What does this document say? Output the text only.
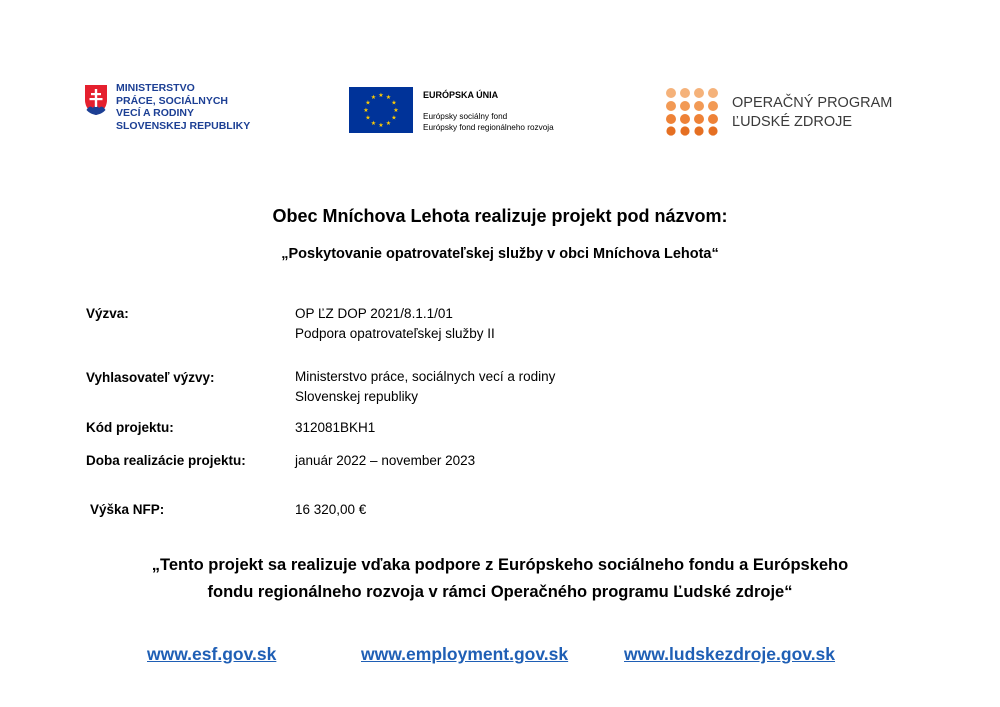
MINISTERSTVO
PRÁCE, SOCIÁLNYCH
VECÍ A RODINY
SLOVENSKEJ REPUBLIKY
★ ★
★
★
★
★
★
★
★
★
★
★	EURÓPSKA ÚNIA
Európsky sociálny fond
Európsky fond regionálneho rozvoja
OPERAČNÝ PROGRAM
ĽUDSKÉ ZDROJE
Obec Mníchova Lehota realizuje projekt pod názvom:
„Poskytovanie opatrovateľskej služby v obci Mníchova Lehota“
Výzva:	OP ĽZ DOP 2021/8.1.1/01
Podpora opatrovateľskej služby II
Vyhlasovateľ výzvy:	Ministerstvo práce, sociálnych vecí a rodiny
Slovenskej republiky
Kód projektu:	312081BKH1
Doba realizácie projektu:	január 2022 – november 2023
Výška NFP:	16 320,00 €
„Tento projekt sa realizuje vďaka podpore z Európskeho sociálneho fondu a Európskeho
fondu regionálneho rozvoja v rámci Operačného programu Ľudské zdroje“
www.esf.gov.sk	www.employment.gov.sk	www.ludskezdroje.gov.sk
